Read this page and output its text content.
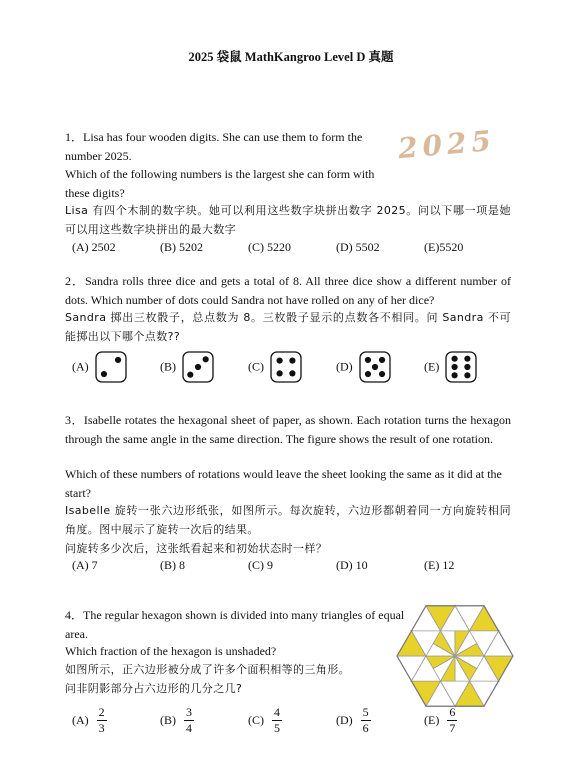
2025 袋鼠 MathKangroo Level D 真题
2025
1．Lisa has four wooden digits. She can use them to form the number 2025.
Which of the following numbers is the largest she can form with these digits?
Lisa 有四个木制的数字块。她可以利用这些数字块拼出数字 2025。问以下哪一项是她可以用这些数字块拼出的最大数字
(A) 2502	(B) 5202	(C) 5220	(D) 5502	(E)5520
2．Sandra rolls three dice and gets a total of 8. All three dice show a different number of dots. Which number of dots could Sandra not have rolled on any of her dice?
Sandra 掷出三枚骰子，总点数为 8。三枚骰子显示的点数各不相同。问 Sandra 不可能掷出以下哪个点数??
(A)	(B)	(C)	(D)	(E)
3．Isabelle rotates the hexagonal sheet of paper, as shown. Each rotation turns the hexagon through the same angle in the same direction. The figure shows the result of one rotation.
Which of these numbers of rotations would leave the sheet looking the same as it did at the start?
Isabelle 旋转一张六边形纸张，如图所示。每次旋转，六边形都朝着同一方向旋转相同角度。图中展示了旋转一次后的结果。
问旋转多少次后，这张纸看起来和初始状态时一样？
(A) 7	(B) 8	(C) 9	(D) 10	(E) 12
4．The regular hexagon shown is divided into many triangles of equal area.
Which fraction of the hexagon is unshaded?
如图所示，正六边形被分成了许多个面积相等的三角形。
问非阴影部分占六边形的几分之几?
$(A) \frac{2}{3}$	$(B) \frac{3}{4}$	$(C) \frac{4}{5}$	$(D) \frac{5}{6}$	$(E) \frac{6}{7}$
